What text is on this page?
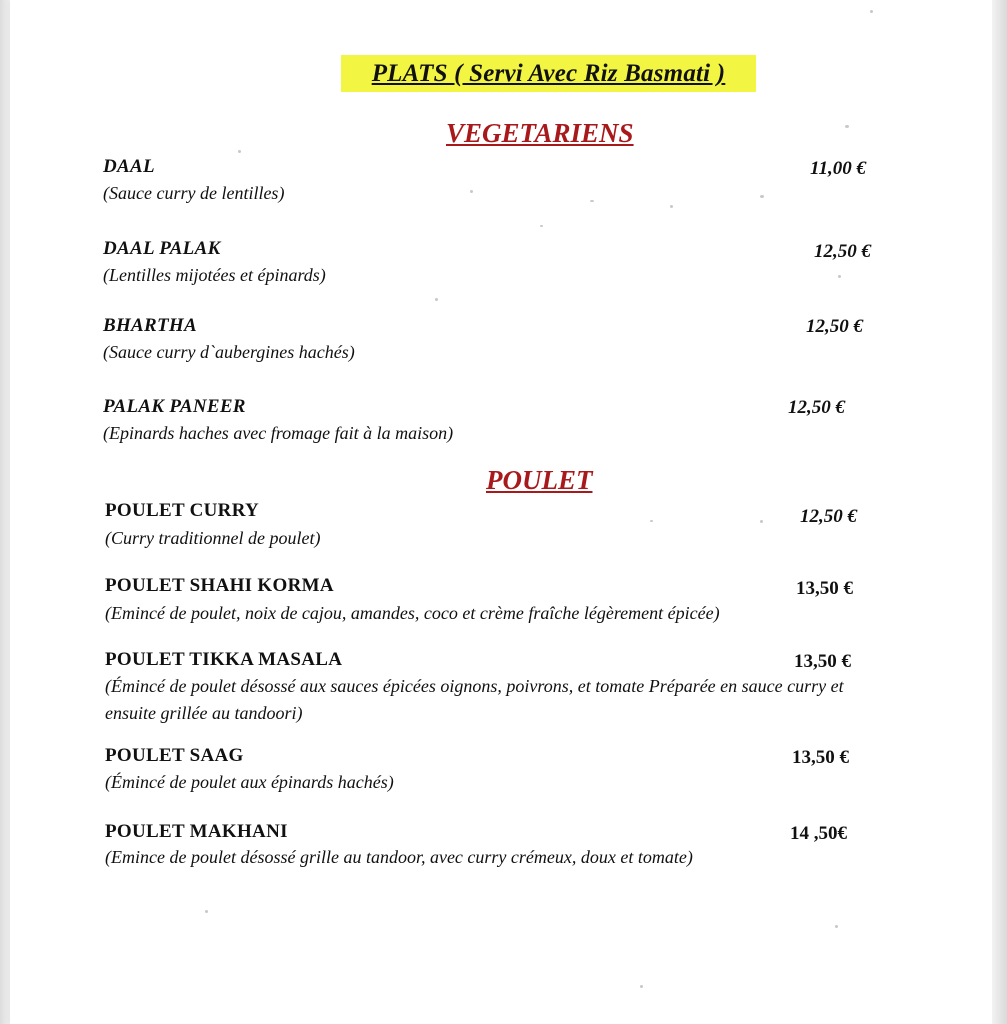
PLATS ( Servi Avec Riz Basmati )
VEGETARIENS
DAAL	11,00 €
(Sauce curry de lentilles)
DAAL PALAK	12,50 €
(Lentilles mijotées et épinards)
BHARTHA	12,50 €
(Sauce curry d`aubergines hachés)
PALAK PANEER	12,50 €
(Epinards haches avec fromage fait à la maison)
POULET
POULET CURRY	12,50 €
(Curry traditionnel de poulet)
POULET SHAHI KORMA	13,50 €
(Emincé de poulet, noix de cajou, amandes, coco et crème fraîche légèrement épicée)
POULET TIKKA MASALA	13,50 €
(Émincé de poulet désossé aux sauces épicées oignons, poivrons, et tomate Préparée en sauce curry et ensuite grillée au tandoori)
POULET SAAG	13,50 €
(Émincé de poulet aux épinards hachés)
POULET MAKHANI	14 ,50€
(Emince de poulet désossé grille au tandoor, avec curry crémeux, doux et tomate)
